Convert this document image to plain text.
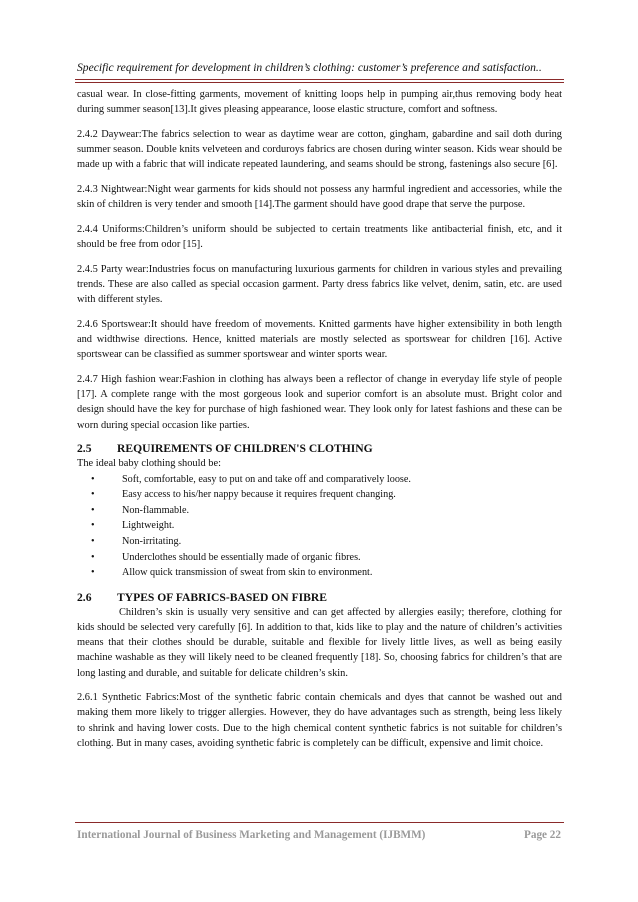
Specific requirement for development in children’s clothing: customer’s preference and satisfaction..

casual wear. In close-fitting garments, movement of knitting loops help in pumping air,thus removing body heat during summer season[13].It gives pleasing appearance, loose elastic structure, comfort and softness.

2.4.2 Daywear:The fabrics selection to wear as daytime wear are cotton, gingham, gabardine and sail doth during summer season. Double knits velveteen and corduroys fabrics are chosen during winter season. Kids wear should be made up with a fabric that will indicate repeated laundering, and seams should be strong, fastenings also secure [6].

2.4.3 Nightwear:Night wear garments for kids should not possess any harmful ingredient and accessories, while the skin of children is very tender and smooth [14].The garment should have good drape that serve the purpose.

2.4.4 Uniforms:Children’s uniform should be subjected to certain treatments like antibacterial finish, etc, and it should be free from odor [15].

2.4.5 Party wear:Industries focus on manufacturing luxurious garments for children in various styles and prevailing trends. These are also called as special occasion garment. Party dress fabrics like velvet, denim, satin, etc. are used with different styles.

2.4.6 Sportswear:It should have freedom of movements. Knitted garments have higher extensibility in both length and widthwise directions. Hence, knitted materials are mostly selected as sportswear for children [16]. Active sportswear can be classified as summer sportswear and winter sports wear.

2.4.7 High fashion wear:Fashion in clothing has always been a reflector of change in everyday life style of people [17]. A complete range with the most gorgeous look and superior comfort is an absolute must. Bright color and design should have the key for purchase of high fashioned wear. They look only for latest fashions and these can be worn during special occasion like parties.

2.5	REQUIREMENTS OF CHILDREN'S CLOTHING

The ideal baby clothing should be:

•	Soft, comfortable, easy to put on and take off and comparatively loose.
•	Easy access to his/her nappy because it requires frequent changing.
•	Non-flammable.
•	Lightweight.
•	Non-irritating.
•	Underclothes should be essentially made of organic fibres.
•	Allow quick transmission of sweat from skin to environment.
2.6	TYPES OF FABRICS-BASED ON FIBRE

Children’s skin is usually very sensitive and can get affected by allergies easily; therefore, clothing for kids should be selected very carefully [6]. In addition to that, kids like to play and the nature of children’s activities means that their clothes should be durable, suitable and flexible for lively little lives, as well as being easily machine washable as they will likely need to be cleaned frequently [18]. So, choosing fabrics for children’s that are long lasting and durable, and suitable for delicate children’s skin.

2.6.1 Synthetic Fabrics:Most of the synthetic fabric contain chemicals and dyes that cannot be washed out and making them more likely to trigger allergies. However, they do have advantages such as strength, being less likely to shrink and having lower costs. Due to the high chemical content synthetic fabrics is not suitable for children’s clothing. But in many cases, avoiding synthetic fabric is completely can be difficult, expensive and limit choice.

International Journal of Business Marketing and Management (IJBMM)	Page 22
